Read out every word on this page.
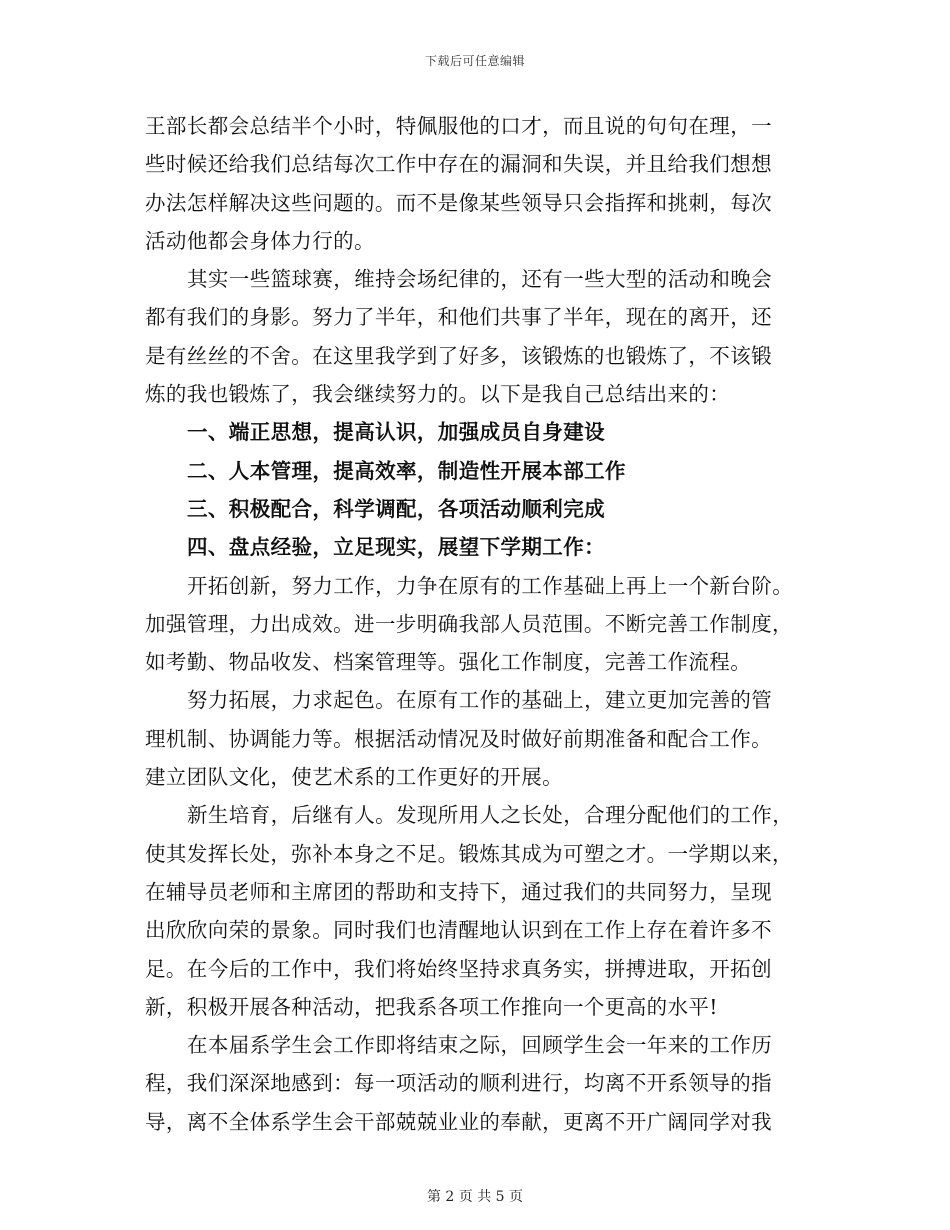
下载后可任意编辑
王部长都会总结半个小时，特佩服他的口才，而且说的句句在理，一
些时候还给我们总结每次工作中存在的漏洞和失误，并且给我们想想
办法怎样解决这些问题的。而不是像某些领导只会指挥和挑刺，每次
活动他都会身体力行的。
其实一些篮球赛，维持会场纪律的，还有一些大型的活动和晚会
都有我们的身影。努力了半年，和他们共事了半年，现在的离开，还
是有丝丝的不舍。在这里我学到了好多，该锻炼的也锻炼了，不该锻
炼的我也锻炼了，我会继续努力的。以下是我自己总结出来的：
一、端正思想，提高认识，加强成员自身建设
二、人本管理，提高效率，制造性开展本部工作
三、积极配合，科学调配，各项活动顺利完成
四、盘点经验，立足现实，展望下学期工作：
开拓创新，努力工作，力争在原有的工作基础上再上一个新台阶。
加强管理，力出成效。进一步明确我部人员范围。不断完善工作制度，
如考勤、物品收发、档案管理等。强化工作制度，完善工作流程。
努力拓展，力求起色。在原有工作的基础上，建立更加完善的管
理机制、协调能力等。根据活动情况及时做好前期准备和配合工作。
建立团队文化，使艺术系的工作更好的开展。
新生培育，后继有人。发现所用人之长处，合理分配他们的工作，
使其发挥长处，弥补本身之不足。锻炼其成为可塑之才。一学期以来，
在辅导员老师和主席团的帮助和支持下，通过我们的共同努力，呈现
出欣欣向荣的景象。同时我们也清醒地认识到在工作上存在着许多不
足。在今后的工作中，我们将始终坚持求真务实，拼搏进取，开拓创
新，积极开展各种活动，把我系各项工作推向一个更高的水平!
在本届系学生会工作即将结束之际，回顾学生会一年来的工作历
程，我们深深地感到：每一项活动的顺利进行，均离不开系领导的指
导，离不全体系学生会干部兢兢业业的奉献，更离不开广阔同学对我
第 2 页 共 5 页
